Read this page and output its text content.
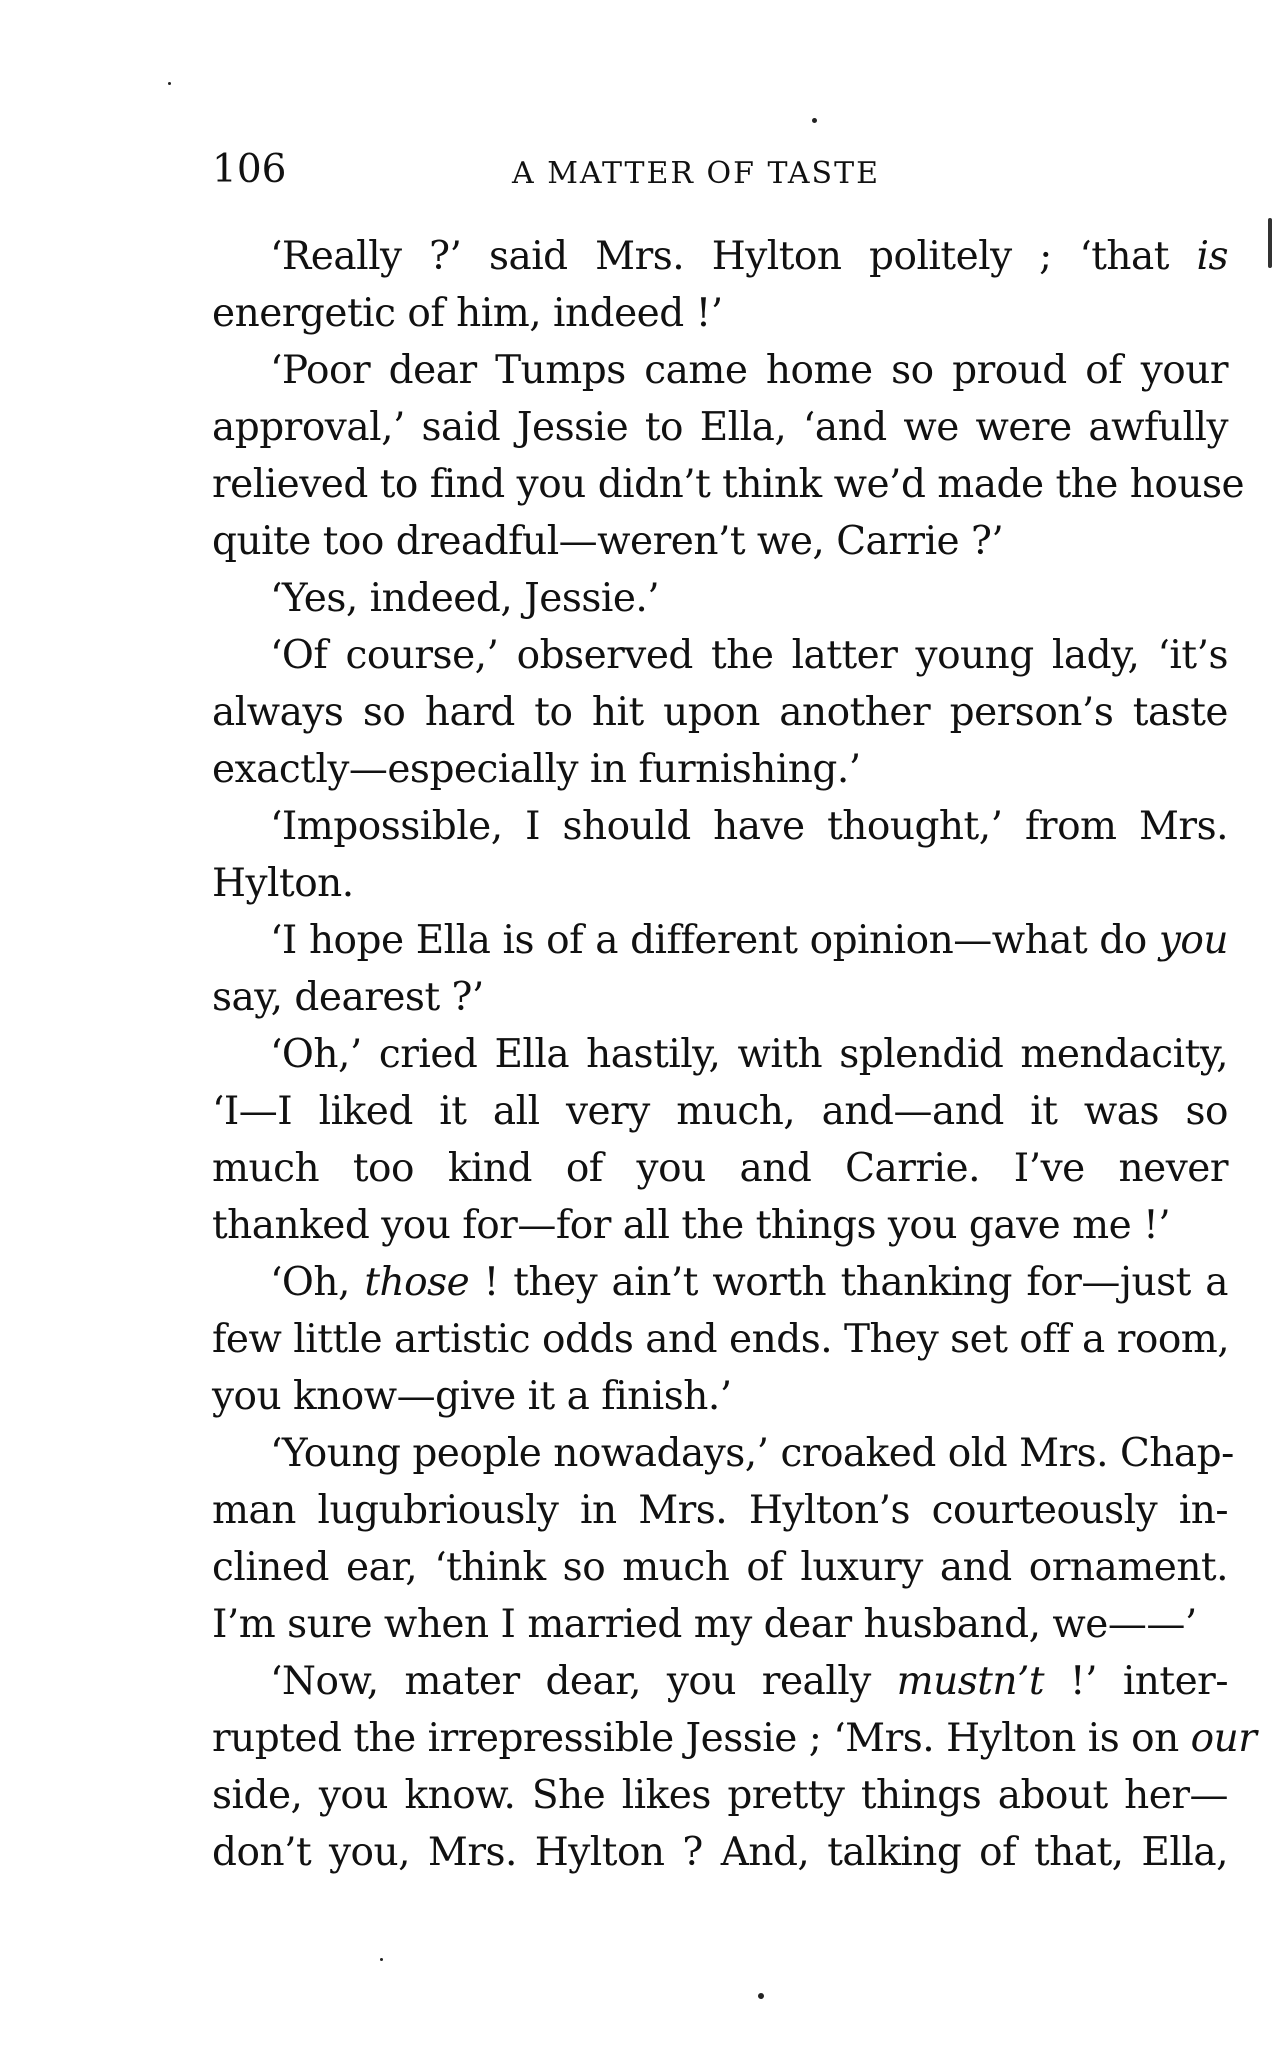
106	A MATTER OF TASTE
‘Really ?’ said Mrs. Hylton politely ; ‘that is
energetic of him, indeed !’
‘Poor dear Tumps came home so proud of your
approval,’ said Jessie to Ella, ‘and we were awfully
relieved to find you didn’t think we’d made the house
quite too dreadful—weren’t we, Carrie ?’
‘Yes, indeed, Jessie.’
‘Of course,’ observed the latter young lady, ‘it’s
always so hard to hit upon another person’s taste
exactly—especially in furnishing.’
‘Impossible, I should have thought,’ from Mrs.
Hylton.
‘I hope Ella is of a different opinion—what do you
say, dearest ?’
‘Oh,’ cried Ella hastily, with splendid mendacity,
‘I—I liked it all very much, and—and it was so
much too kind of you and Carrie. I’ve never
thanked you for—for all the things you gave me !’
‘Oh, those ! they ain’t worth thanking for—just a
few little artistic odds and ends. They set off a room,
you know—give it a finish.’
‘Young people nowadays,’ croaked old Mrs. Chap-
man lugubriously in Mrs. Hylton’s courteously in-
clined ear, ‘think so much of luxury and ornament.
I’m sure when I married my dear husband, we——’
‘Now, mater dear, you really mustn’t !’ inter-
rupted the irrepressible Jessie ; ‘Mrs. Hylton is on our
side, you know. She likes pretty things about her—
don’t you, Mrs. Hylton ? And, talking of that, Ella,
